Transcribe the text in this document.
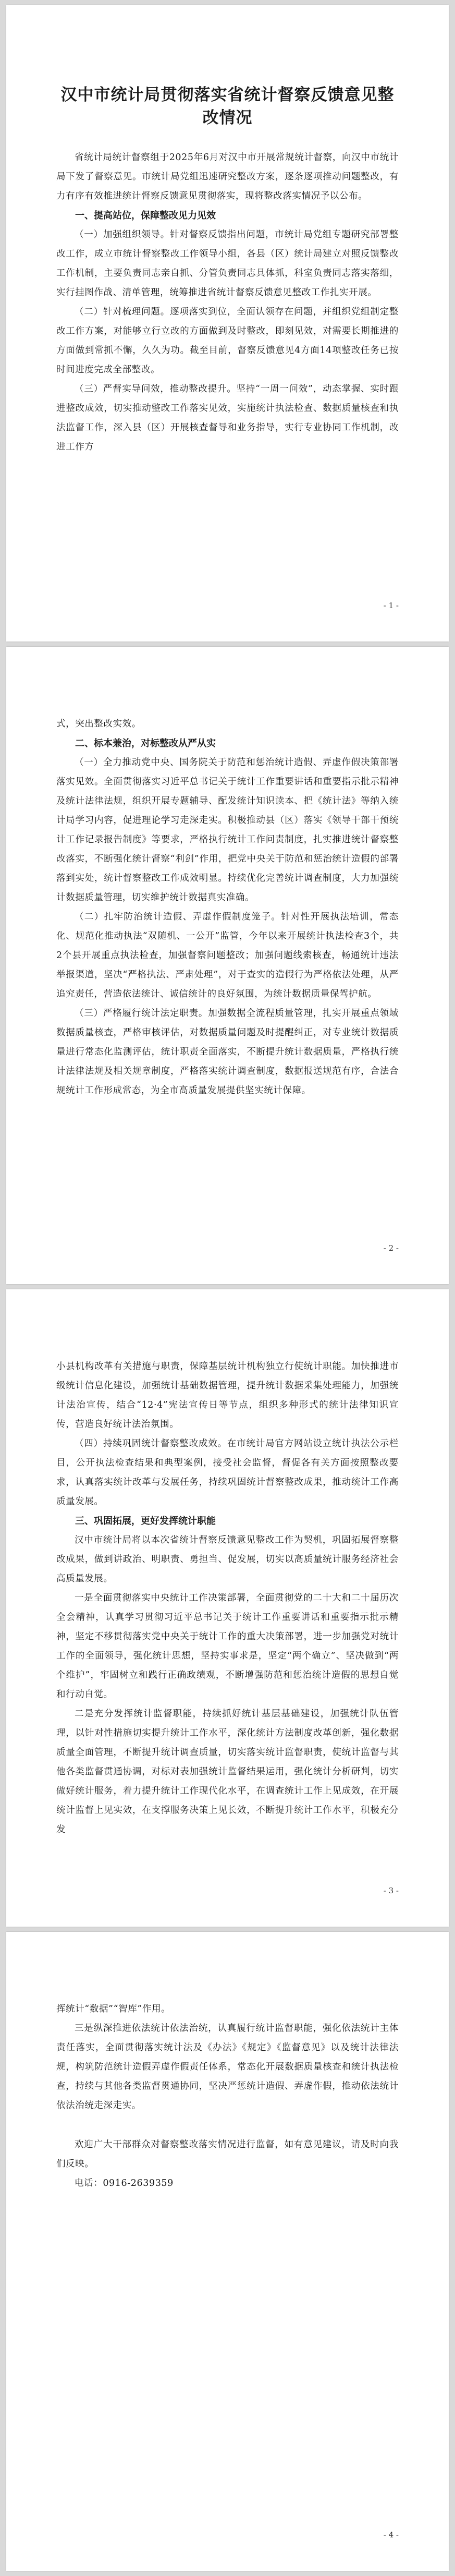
汉中市统计局贯彻落实省统计督察反馈意见整改情况

省统计局统计督察组于2025年6月对汉中市开展常规统计督察，向汉中市统计局下发了督察意见。市统计局党组迅速研究整改方案，逐条逐项推动问题整改，有力有序有效推进统计督察反馈意见贯彻落实，现将整改落实情况予以公布。

一、提高站位，保障整改见力见效

（一）加强组织领导。针对督察反馈指出问题，市统计局党组专题研究部署整改工作，成立市统计督察整改工作领导小组，各县（区）统计局建立对照反馈整改工作机制，主要负责同志亲自抓、分管负责同志具体抓，科室负责同志落实落细，实行挂图作战、清单管理，统筹推进省统计督察反馈意见整改工作扎实开展。

（二）针对梳理问题。逐项落实到位，全面认领存在问题，并组织党组制定整改工作方案，对能够立行立改的方面做到及时整改，即刻见效，对需要长期推进的方面做到常抓不懈，久久为功。截至目前，督察反馈意见4方面14项整改任务已按时间进度完成全部整改。

（三）严督实导问效，推动整改提升。坚持“一周一问效”，动态掌握、实时跟进整改成效，切实推动整改工作落实见效，实施统计执法检查、数据质量核查和执法监督工作，深入县（区）开展核查督导和业务指导，实行专业协同工作机制，改进工作方

- 1 -

式，突出整改实效。

二、标本兼治，对标整改从严从实

（一）全力推动党中央、国务院关于防范和惩治统计造假、弄虚作假决策部署落实见效。全面贯彻落实习近平总书记关于统计工作重要讲话和重要指示批示精神及统计法律法规，组织开展专题辅导、配发统计知识读本、把《统计法》等纳入统计局学习内容，促进理论学习走深走实。积极推动县（区）落实《领导干部干预统计工作记录报告制度》等要求，严格执行统计工作问责制度，扎实推进统计督察整改落实，不断强化统计督察“利剑”作用，把党中央关于防范和惩治统计造假的部署落到实处，统计督察整改工作成效明显。持续优化完善统计调查制度，大力加强统计数据质量管理，切实维护统计数据真实准确。

（二）扎牢防治统计造假、弄虚作假制度笼子。针对性开展执法培训，常态化、规范化推动执法“双随机、一公开”监管，今年以来开展统计执法检查3个，共2个县开展重点执法检查，加强督察问题整改；加强问题线索核查，畅通统计违法举报渠道，坚决“严格执法、严肃处理”，对于查实的造假行为严格依法处理，从严追究责任，营造依法统计、诚信统计的良好氛围，为统计数据质量保驾护航。

（三）严格履行统计法定职责。加强数据全流程质量管理，扎实开展重点领域数据质量核查，严格审核评估，对数据质量问题及时提醒纠正，对专业统计数据质量进行常态化监测评估，统计职责全面落实，不断提升统计数据质量，严格执行统计法律法规及相关规章制度，严格落实统计调查制度，数据报送规范有序，合法合规统计工作形成常态，为全市高质量发展提供坚实统计保障。

- 2 -

小县机构改革有关措施与职责，保障基层统计机构独立行使统计职能。加快推进市级统计信息化建设，加强统计基础数据管理，提升统计数据采集处理能力，加强统计法治宣传，结合“12·4”宪法宣传日等节点，组织多种形式的统计法律知识宣传，营造良好统计法治氛围。

（四）持续巩固统计督察整改成效。在市统计局官方网站设立统计执法公示栏目，公开执法检查结果和典型案例，接受社会监督，督促各有关方面按照整改要求，认真落实统计改革与发展任务，持续巩固统计督察整改成果，推动统计工作高质量发展。

三、巩固拓展，更好发挥统计职能

汉中市统计局将以本次省统计督察反馈意见整改工作为契机，巩固拓展督察整改成果，做到讲政治、明职责、勇担当、促发展，切实以高质量统计服务经济社会高质量发展。

一是全面贯彻落实中央统计工作决策部署，全面贯彻党的二十大和二十届历次全会精神，认真学习贯彻习近平总书记关于统计工作重要讲话和重要指示批示精神，坚定不移贯彻落实党中央关于统计工作的重大决策部署，进一步加强党对统计工作的全面领导，强化统计思想，坚持实事求是，坚定“两个确立”、坚决做到“两个维护”，牢固树立和践行正确政绩观，不断增强防范和惩治统计造假的思想自觉和行动自觉。

二是充分发挥统计监督职能，持续抓好统计基层基础建设，加强统计队伍管理，以针对性措施切实提升统计工作水平，深化统计方法制度改革创新，强化数据质量全面管理，不断提升统计调查质量，切实落实统计监督职责，使统计监督与其他各类监督贯通协调，对标对表加强统计监督结果运用，强化统计分析研判，切实做好统计服务，着力提升统计工作现代化水平，在调查统计工作上见成效，在开展统计监督上见实效，在支撑服务决策上见长效，不断提升统计工作水平，积极充分发

- 3 -

挥统计“数据”“智库”作用。

三是纵深推进依法统计依法治统，认真履行统计监督职能，强化依法统计主体责任落实，全面贯彻落实统计法及《办法》《规定》《监督意见》以及统计法律法规，构筑防范统计造假弄虚作假责任体系，常态化开展数据质量核查和统计执法检查，持续与其他各类监督贯通协同，坚决严惩统计造假、弄虚作假，推动依法统计依法治统走深走实。

欢迎广大干部群众对督察整改落实情况进行监督，如有意见建议，请及时向我们反映。

电话：0916-2639359

- 4 -
